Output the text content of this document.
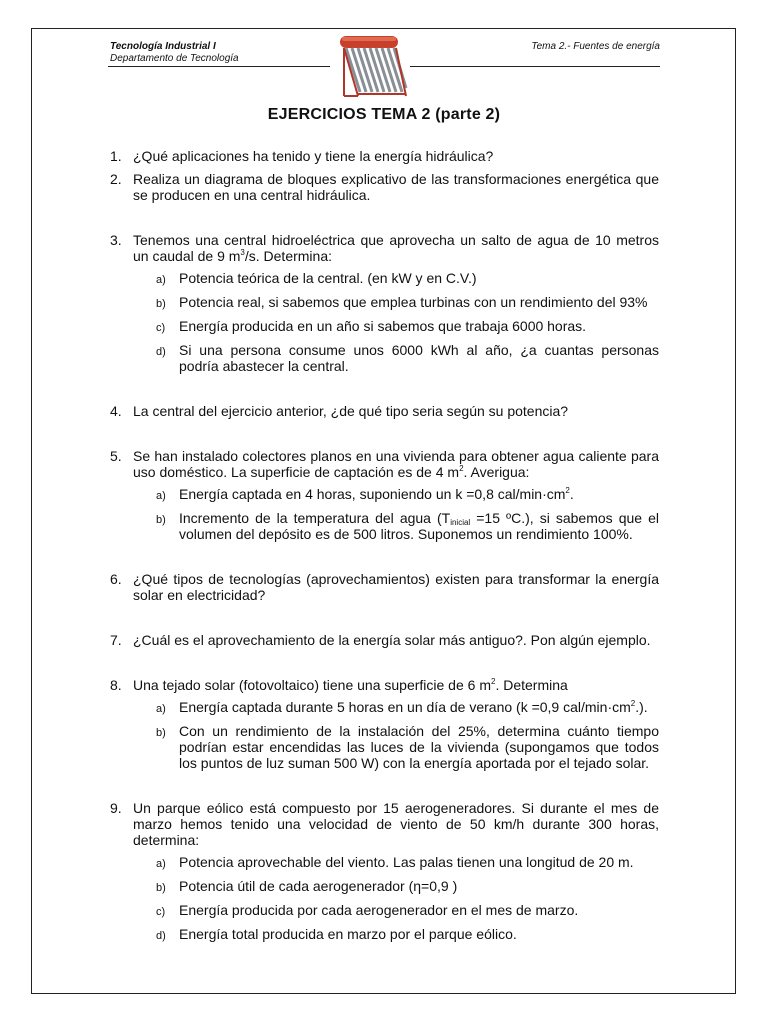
Tecnología Industrial I
Departamento de Tecnología
Tema 2.- Fuentes de energía
EJERCICIOS TEMA 2 (parte 2)
1. ¿Qué aplicaciones ha tenido y tiene la energía hidráulica?
2. Realiza un diagrama de bloques explicativo de las transformaciones energética que se producen en una central hidráulica.
3. Tenemos una central hidroeléctrica que aprovecha un salto de agua de 10 metros un caudal de 9 $m^3/s$. Determina:
a) Potencia teórica de la central. (en kW y en C.V.)
b) Potencia real, si sabemos que emplea turbinas con un rendimiento del 93%
c) Energía producida en un año si sabemos que trabaja 6000 horas.
d) Si una persona consume unos 6000 kWh al año, ¿a cuantas personas podría abastecer la central.
4. La central del ejercicio anterior, ¿de qué tipo seria según su potencia?
5. Se han instalado colectores planos en una vivienda para obtener agua caliente para uso doméstico. La superficie de captación es de 4 $m^2$. Averigua:
a) Energía captada en 4 horas, suponiendo un k =0,8 cal/$\min\cdot cm^2$.
b) Incremento de la temperatura del agua ($T_{inicial} =15$ ºC.), si sabemos que el volumen del depósito es de 500 litros. Suponemos un rendimiento 100%.
6. ¿Qué tipos de tecnologías (aprovechamientos) existen para transformar la energía solar en electricidad?
7. ¿Cuál es el aprovechamiento de la energía solar más antiguo?. Pon algún ejemplo.
8. Una tejado solar (fotovoltaico) tiene una superficie de 6 $m^2$. Determina
a) Energía captada durante 5 horas en un día de verano (k =0,9 cal/$\min\cdot cm^2$.).
b) Con un rendimiento de la instalación del 25%, determina cuánto tiempo podrían estar encendidas las luces de la vivienda (supongamos que todos los puntos de luz suman 500 W) con la energía aportada por el tejado solar.
9. Un parque eólico está compuesto por 15 aerogeneradores. Si durante el mes de marzo hemos tenido una velocidad de viento de 50 km/h durante 300 horas, determina:
a) Potencia aprovechable del viento. Las palas tienen una longitud de 20 m.
b) Potencia útil de cada aerogenerador (η=0,9 )
c) Energía producida por cada aerogenerador en el mes de marzo.
d) Energía total producida en marzo por el parque eólico.
